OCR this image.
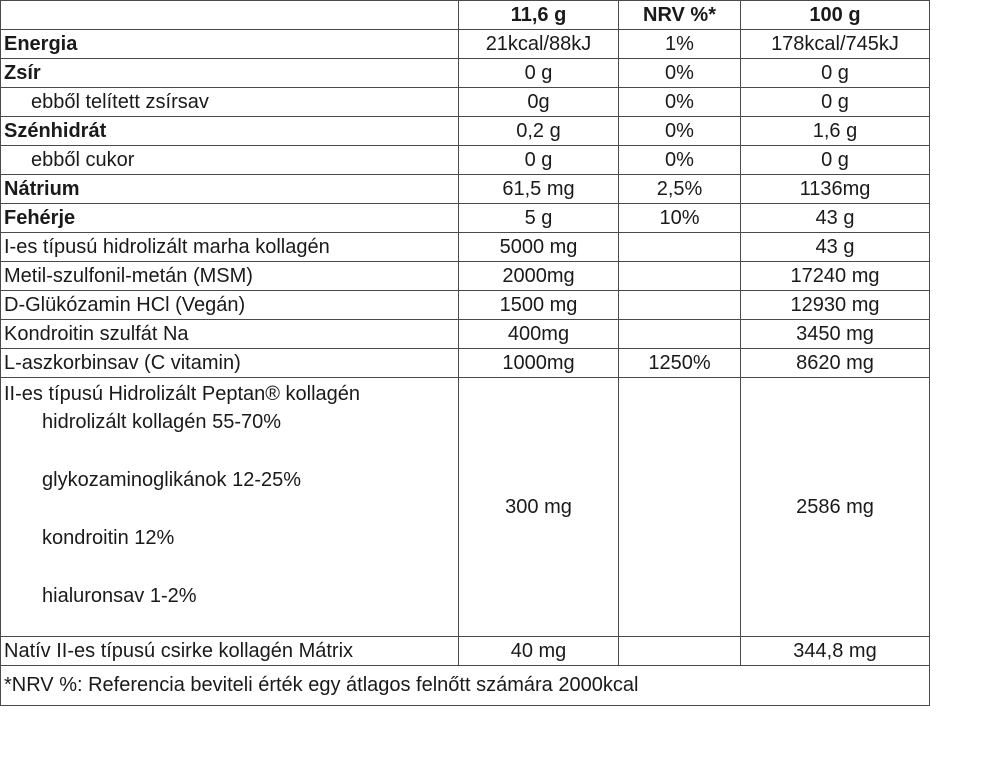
	11,6 g	NRV %*	100 g
Energia	21kcal/88kJ	1%	178kcal/745kJ
Zsír	0 g	0%	0 g
ebből telített zsírsav	0g	0%	0 g
Szénhidrát	0,2 g	0%	1,6 g
ebből cukor	0 g	0%	0 g
Nátrium	61,5 mg	2,5%	1136mg
Fehérje	5 g	10%	43 g
I-es típusú hidrolizált marha kollagén	5000 mg		43 g
Metil-szulfonil-metán (MSM)	2000mg		17240 mg
D-Glükózamin HCl (Vegán)	1500 mg		12930 mg
Kondroitin szulfát Na	400mg		3450 mg
L-aszkorbinsav (C vitamin)	1000mg	1250%	8620 mg

II-es típusú Hidrolizált Peptan® kollagén
hidrolizált kollagén 55-70%
glykozaminoglikánok 12-25%
kondroitin 12%
hialuronsav 1-2%	300 mg		2586 mg
Natív II-es típusú csirke kollagén Mátrix	40 mg		344,8 mg
*NRV %: Referencia beviteli érték egy átlagos felnőtt számára 2000kcal			
